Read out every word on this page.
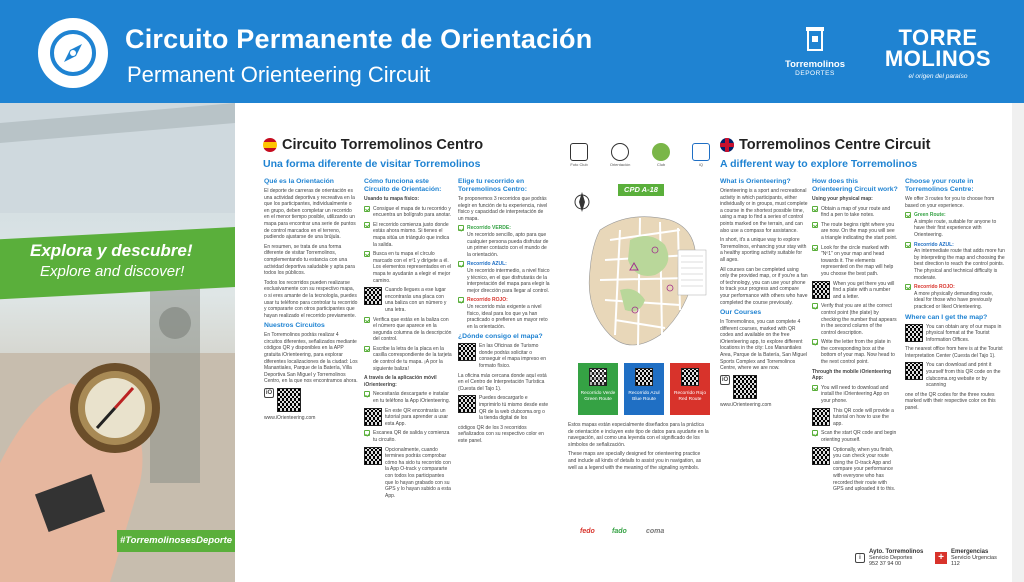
Circuito Permanente de Orientación
Permanent Orienteering Circuit	Torremolinos
DEPORTES
TORRE
MOLINOS
el origen del paraíso
Explora y descubre!
Explore and discover!
#TorremolinosesDeporte
Circuito Torremolinos Centro
Una forma diferente de visitar Torremolinos
Qué es la Orientación

El deporte de carreras de orientación es una actividad deportiva y recreativa en la que los participantes, individualmente o en grupo, deben completar un recorrido en el menor tiempo posible, utilizando un mapa para encontrar una serie de puntos de control marcados en el terreno, pudiendo ajustarse de una brújula.

En resumen, se trata de una forma diferente de visitar Torremolinos, complementando tu estancia con una actividad deportiva saludable y apta para todos los públicos.

Todos los recorridos pueden realizarse exclusivamente con su respectivo mapa, o si eres amante de la tecnología, puedes usar tu teléfono para controlar tu recorrido y compararte con otros participantes que hayan realizado el recorrido previamente.

Nuestros Circuitos

En Torremolinos podrás realizar 4 circuitos diferentes, señalizados mediante códigos QR y disponibles en la APP gratuita iOrienteering, para explorar diferentes localizaciones de la ciudad: Los Manantiales, Parque de la Batería, Villa Deportiva San Miguel y Torremolinos Centro, en la que nos encontramos ahora.

iO

www.iOrienteering.com

Cómo funciona este Circuito de Orientación:

Usando tu mapa físico:

Consigue el mapa de tu recorrido y encuentra un bolígrafo para anotar.
El recorrido comienza justo donde estás ahora mismo. Si tienes el mapa sitúa un triángulo que indica la salida.
Busca en tu mapa el círculo marcado con el nº1 y dirígete a él. Los elementos representados en el mapa te ayudarán a elegir el mejor camino.
Cuando llegues a ese lugar encontrarás una placa con una baliza con un número y una letra.
Verifica que estás en la baliza con el número que aparece en la segunda columna de la descripción del control.
Escribe la letra de la placa en la casilla correspondiente de la tarjeta de control de tu mapa. ¡A por la siguiente baliza!

A través de la aplicación móvil iOrienteering:

Necesitarás descargarte e instalar en tu teléfono la App iOrienteering.
En este QR encontrarás un tutorial para aprender a usar esta App.
Escanea QR de salida y comienza tu circuito.
Opcionalmente, cuando termines podrás comprobar cómo ha sido tu recorrido con la App O-track y compararte con todos los participantes que lo hayan grabado con su GPS y lo hayan subido a esta App.
Elige tu recorrido en Torremolinos Centro:

Te proponemos 3 recorridos que podrás elegir en función de tu experiencia, nivel físico y capacidad de interpretación de un mapa.

Recorrido VERDE:
Un recorrido sencillo, apto para que cualquier persona pueda disfrutar de un primer contacto con el mundo de la orientación.
Recorrido AZUL:
Un recorrido intermedio, a nivel físico y técnico, en el que disfrutarás de la interpretación del mapa para elegir la mejor dirección para llegar al control.
Recorrido ROJO:
Un recorrido más exigente a nivel físico, ideal para los que ya han practicado o prefieren un mayor reto en la orientación.
¿Dónde consigo el mapa?
En las Oficinas de Turismo donde podrás solicitar o conseguir el mapa impreso en formato físico.

La oficina más cercana donde aquí está en el Centro de Interpretación Turística (Cuesta del Tajo 1).

Puedes descargarlo e imprimirlo tú mismo desde este QR de la web clubcoma.org o la tienda digital de los

códigos QR de los 3 recorridos señalizados con su respectivo color en este panel.

Foto Club	Orientación	Club	iQ
CPD A-18
Recorrido Verde
Green Route
Recorrido Azul
Blue Route
Recorrido Rojo
Red Route

Estos mapas están especialmente diseñados para la práctica de orientación e incluyen este tipo de datos para ayudarte en la navegación, así como una leyenda con el significado de los símbolos de señalización.

These maps are specially designed for orienteering practice and include all kinds of details to assist you in navigation, as well as a legend with the meaning of the signaling symbols.

fedo fado	coma
Torremolinos Centre Circuit
A different way to explore Torremolinos
What is Orienteering?

Orienteering is a sport and recreational activity in which participants, either individually or in groups, must complete a course in the shortest possible time, using a map to find a series of control points marked on the terrain, and can also use a compass for assistance.

In short, it's a unique way to explore Torremolinos, enhancing your stay with a healthy sporting activity suitable for all ages.

All courses can be completed using only the provided map, or if you're a fan of technology, you can use your phone to track your progress and compare your performance with others who have completed the course previously.

Our Courses

In Torremolinos, you can complete 4 different courses, marked with QR codes and available on the free iOrienteering app, to explore different locations in the city: Los Manantiales Area, Parque de la Batería, San Miguel Sports Complex and Torremolinos Centre, where we are now.

iO

www.iOrienteering.com

How does this Orienteering Circuit work?

Using your physical map:

Obtain a map of your route and find a pen to take notes.
The route begins right where you are now. On the map you will see a triangle indicating the start point.
Look for the circle marked with "Nº1" on your map and head towards it. The elements represented on the map will help you choose the best path.
When you get there you will find a plate with a number and a letter.
Verify that you are at the correct control point (the plate) by checking the number that appears in the second column of the control description.
Write the letter from the plate in the corresponding box at the bottom of your map. Now head to the next control point.

Through the mobile iOrienteering App:

You will need to download and install the iOrienteering App on your phone.
This QR code will provide a tutorial on how to use the app.
Scan the start QR code and begin orienting yourself.
Optionally, when you finish, you can check your route using the O-track App and compare your performance with everyone who has recorded their route with GPS and uploaded it to this.
Choose your route in Torremolinos Centre:

We offer 3 routes for you to choose from based on your experience.

Green Route:
A simple route, suitable for anyone to have their first experience with Orienteering.
Recorrido AZUL:
An intermediate route that adds more fun by interpreting the map and choosing the best direction to reach the control points. The physical and technical difficulty is moderate.
Recorrido ROJO:
A more physically demanding route, ideal for those who have previously practiced or liked Orienteering.
Where can I get the map?
You can obtain any of our maps in physical format at the Tourist Information Offices.

The nearest office from here is at the Tourist Interpretation Center (Cuesta del Tajo 1).

You can download and print it yourself from this QR code on the clubcoma.org website or by scanning

one of the QR codes for the three routes marked with their respective color on this panel.

i
Ayto. Torremolinos
Servicio Deportes
952 37 94 00
+	Emergencias
Servicio Urgencias
112
